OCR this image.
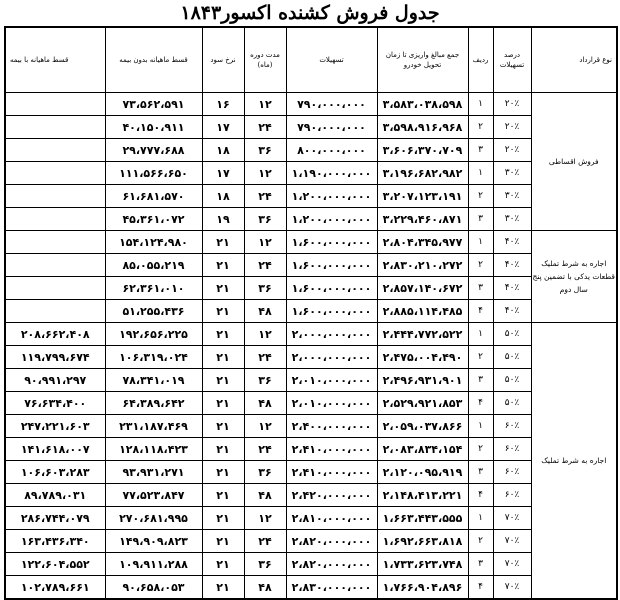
جدول فروش کشنده اکسور۱۸۴۳
نوع قرارداد	درصد تسهیلات	ردیف	جمع مبالغ واریزی تا زمان تحویل خودرو	تسهیلات	مدت دوره (ماه)	نرخ سود	قسط ماهیانه بدون بیمه	قسط ماهیانه با بیمه

فروش اقساطی	۲۰٪	۱	۳،۵۸۳،۰۳۸،۵۹۸	۷۹۰،۰۰۰،۰۰۰	۱۲	۱۶	۷۳،۵۶۲،۵۹۱	
	۲۰٪	۲	۳،۵۹۸،۹۱۶،۹۶۸	۷۹۰،۰۰۰،۰۰۰	۲۴	۱۷	۴۰،۱۵۰،۹۱۱	
	۲۰٪	۳	۳،۶۰۶،۳۷۰،۷۰۹	۸۰۰،۰۰۰،۰۰۰	۳۶	۱۸	۲۹،۷۷۷،۶۸۸	
	۳۰٪	۱	۳،۱۹۶،۶۸۲،۹۸۲	۱،۱۹۰،۰۰۰،۰۰۰	۱۲	۱۷	۱۱۱،۵۶۶،۶۵۰	
	۳۰٪	۲	۳،۲۰۷،۱۲۳،۱۹۱	۱،۲۰۰،۰۰۰،۰۰۰	۲۴	۱۸	۶۱،۶۸۱،۵۷۰	
	۳۰٪	۳	۳،۲۲۹،۴۶۰،۸۷۱	۱،۲۰۰،۰۰۰،۰۰۰	۳۶	۱۹	۴۵،۳۶۱،۰۷۲	
اجاره به شرط تملیک قطعات یدکی با تضمین پنج سال دوم	۴۰٪	۱	۲،۸۰۴،۳۴۵،۹۷۷	۱،۶۰۰،۰۰۰،۰۰۰	۱۲	۲۱	۱۵۴،۱۲۴،۹۸۰	
	۴۰٪	۲	۲،۸۳۰،۲۱۰،۲۷۲	۱،۶۰۰،۰۰۰،۰۰۰	۲۴	۲۱	۸۵،۰۵۵،۲۱۹	
	۴۰٪	۳	۲،۸۵۷،۱۴۰،۶۷۲	۱،۶۰۰،۰۰۰،۰۰۰	۳۶	۲۱	۶۲،۳۶۱،۰۱۰	
	۴۰٪	۴	۲،۸۸۵،۱۱۴،۴۸۵	۱،۶۰۰،۰۰۰،۰۰۰	۴۸	۲۱	۵۱،۲۵۵،۴۳۶	
اجاره به شرط تملیک	۵۰٪	۱	۲،۴۴۴،۷۷۲،۵۲۲	۲،۰۰۰،۰۰۰،۰۰۰	۱۲	۲۱	۱۹۲،۶۵۶،۲۲۵	۲۰۸،۶۶۲،۴۰۸
	۵۰٪	۲	۲،۴۷۵،۰۰۴،۴۹۰	۲،۰۰۰،۰۰۰،۰۰۰	۲۴	۲۱	۱۰۶،۳۱۹،۰۲۴	۱۱۹،۷۹۹،۶۷۴
	۵۰٪	۳	۲،۴۹۶،۹۳۱،۹۰۱	۲،۰۱۰،۰۰۰،۰۰۰	۳۶	۲۱	۷۸،۳۴۱،۰۱۹	۹۰،۹۹۱،۲۹۷
	۵۰٪	۴	۲،۵۲۹،۹۲۱،۸۵۳	۲،۰۱۰،۰۰۰،۰۰۰	۴۸	۲۱	۶۴،۳۸۹،۶۴۲	۷۶،۶۳۴،۴۰۰
	۶۰٪	۱	۲،۰۵۹،۰۳۷،۸۶۶	۲،۴۰۰،۰۰۰،۰۰۰	۱۲	۲۱	۲۳۱،۱۸۷،۴۶۹	۲۴۷،۲۲۱،۶۰۳
	۶۰٪	۲	۲،۰۸۳،۸۳۴،۱۵۴	۲،۴۱۰،۰۰۰،۰۰۰	۲۴	۲۱	۱۲۸،۱۱۸،۴۲۳	۱۴۱،۶۱۸،۰۰۷
	۶۰٪	۳	۲،۱۲۰،۰۹۵،۹۱۹	۲،۴۱۰،۰۰۰،۰۰۰	۳۶	۲۱	۹۳،۹۳۱،۲۷۱	۱۰۶،۶۰۳،۲۸۳
	۶۰٪	۴	۲،۱۴۸،۴۱۳،۲۲۱	۲،۴۲۰،۰۰۰،۰۰۰	۴۸	۲۱	۷۷،۵۲۳،۸۴۷	۸۹،۷۸۹،۰۳۱
	۷۰٪	۱	۱،۶۶۳،۴۴۳،۵۵۵	۲،۸۱۰،۰۰۰،۰۰۰	۱۲	۲۱	۲۷۰،۶۸۱،۹۹۵	۲۸۶،۷۴۴،۰۷۹
	۷۰٪	۲	۱،۶۹۲،۶۶۳،۸۱۸	۲،۸۲۰،۰۰۰،۰۰۰	۲۴	۲۱	۱۴۹،۹۰۹،۸۲۳	۱۶۳،۴۳۶،۳۴۰
	۷۰٪	۳	۱،۷۳۳،۶۲۳،۷۴۸	۲،۸۲۰،۰۰۰،۰۰۰	۳۶	۲۱	۱۰۹،۹۱۱،۲۸۸	۱۲۲،۶۰۴،۵۵۲
	۷۰٪	۴	۱،۷۶۶،۹۰۴،۸۹۶	۲،۸۳۰،۰۰۰،۰۰۰	۴۸	۲۱	۹۰،۶۵۸،۰۵۳	۱۰۲،۷۸۹،۶۶۱
